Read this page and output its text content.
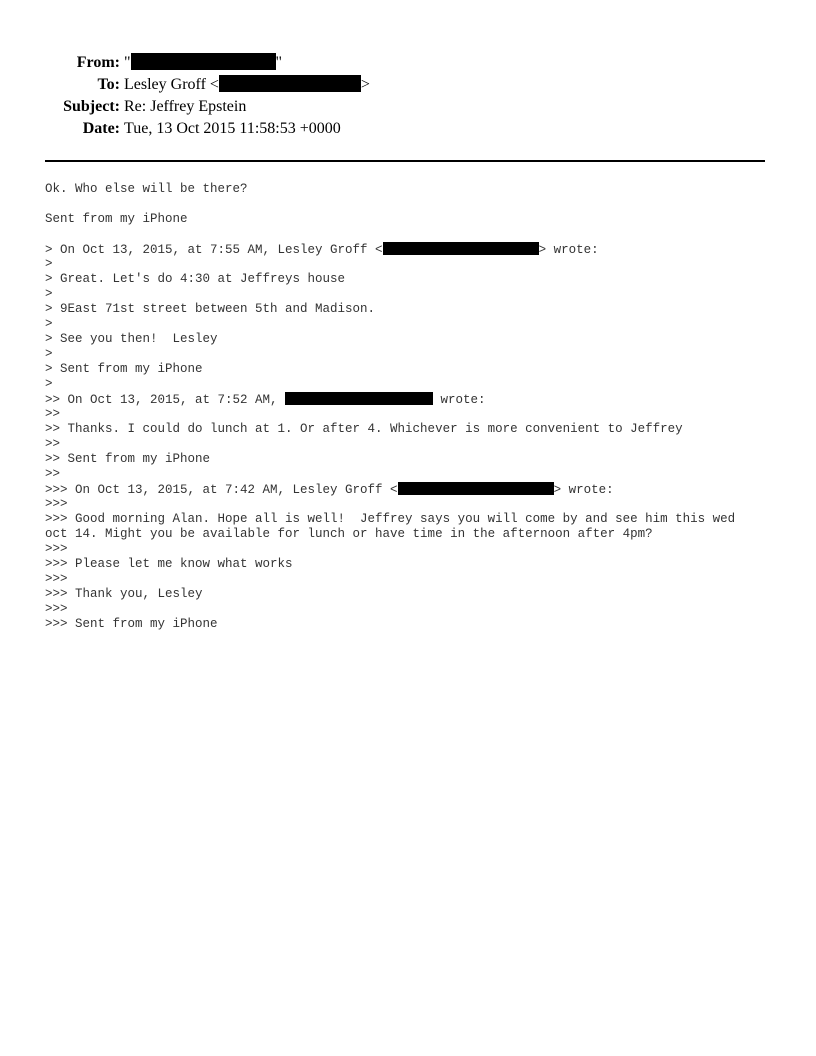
From: "	"
To: Lesley Groff <	>
Subject: Re: Jeffrey Epstein
Date: Tue, 13 Oct 2015 11:58:53 +0000
Ok. Who else will be there?
Sent from my iPhone
> On Oct 13, 2015, at 7:55 AM, Lesley Groff <	> wrote:
>
> Great. Let's do 4:30 at Jeffreys house
>
> 9East 71st street between 5th and Madison.
>
> See you then!  Lesley
>
> Sent from my iPhone
>
>> On Oct 13, 2015, at 7:52 AM,	wrote:
>>
>> Thanks. I could do lunch at 1. Or after 4. Whichever is more convenient to Jeffrey
>>
>> Sent from my iPhone
>>
>>> On Oct 13, 2015, at 7:42 AM, Lesley Groff <	> wrote:
>>>
>>> Good morning Alan. Hope all is well!  Jeffrey says you will come by and see him this wed
oct 14. Might you be available for lunch or have time in the afternoon after 4pm?
>>>
>>> Please let me know what works
>>>
>>> Thank you, Lesley
>>>
>>> Sent from my iPhone
